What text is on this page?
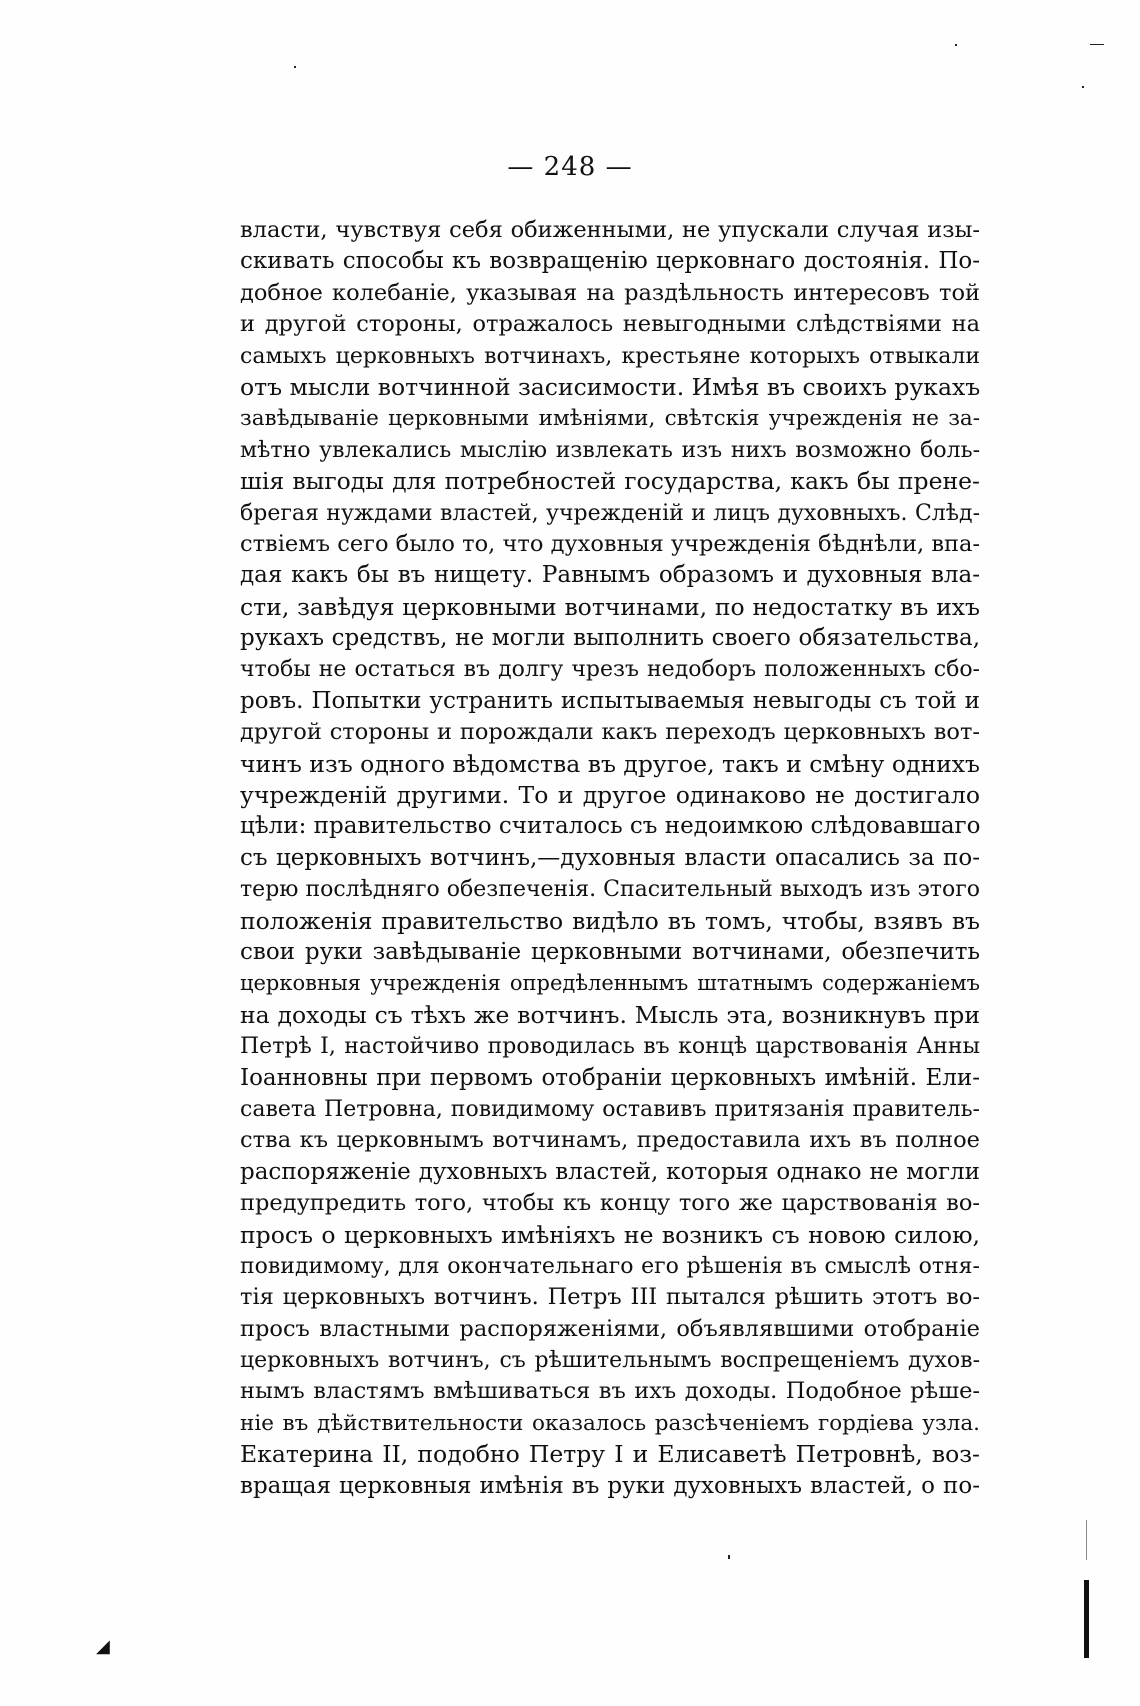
— 248 —
власти, чувствуя себя обиженными, не упускали случая изы-
скивать способы къ возвращенію церковнаго достоянія. По-
добное колебаніе, указывая на раздѣльность интересовъ той
и другой стороны, отражалось невыгодными слѣдствіями на
самыхъ церковныхъ вотчинахъ, крестьяне которыхъ отвыкали
отъ мысли вотчинной засисимости. Имѣя въ своихъ рукахъ
завѣдываніе церковными имѣніями, свѣтскія учрежденія не за-
мѣтно увлекались мыслію извлекать изъ нихъ возможно боль-
шія выгоды для потребностей государства, какъ бы прене-
брегая нуждами властей, учрежденій и лицъ духовныхъ. Слѣд-
ствіемъ сего было то, что духовныя учрежденія бѣднѣли, впа-
дая какъ бы въ нищету. Равнымъ образомъ и духовныя вла-
сти, завѣдуя церковными вотчинами, по недостатку въ ихъ
рукахъ средствъ, не могли выполнить своего обязательства,
чтобы не остаться въ долгу чрезъ недоборъ положенныхъ сбо-
ровъ. Попытки устранить испытываемыя невыгоды съ той и
другой стороны и порождали какъ переходъ церковныхъ вот-
чинъ изъ одного вѣдомства въ другое, такъ и смѣну однихъ
учрежденій другими. То и другое одинаково не достигало
цѣли: правительство считалось съ недоимкою слѣдовавшаго
съ церковныхъ вотчинъ,—духовныя власти опасались за по-
терю послѣдняго обезпеченія. Спасительный выходъ изъ этого
положенія правительство видѣло въ томъ, чтобы, взявъ въ
свои руки завѣдываніе церковными вотчинами, обезпечить
церковныя учрежденія опредѣленнымъ штатнымъ содержаніемъ
на доходы съ тѣхъ же вотчинъ. Мысль эта, возникнувъ при
Петрѣ I, настойчиво проводилась въ концѣ царствованія Анны
Іоанновны при первомъ отобраніи церковныхъ имѣній. Ели-
савета Петровна, повидимому оставивъ притязанія правитель-
ства къ церковнымъ вотчинамъ, предоставила ихъ въ полное
распоряженіе духовныхъ властей, которыя однако не могли
предупредить того, чтобы къ концу того же царствованія во-
просъ о церковныхъ имѣніяхъ не возникъ съ новою силою,
повидимому, для окончательнаго его рѣшенія въ смыслѣ отня-
тія церковныхъ вотчинъ. Петръ III пытался рѣшить этотъ во-
просъ властными распоряженіями, объявлявшими отобраніе
церковныхъ вотчинъ, съ рѣшительнымъ воспрещеніемъ духов-
нымъ властямъ вмѣшиваться въ ихъ доходы. Подобное рѣше-
ніе въ дѣйствительности оказалось разсѣченіемъ гордіева узла.
Екатерина II, подобно Петру I и Елисаветѣ Петровнѣ, воз-
вращая церковныя имѣнія въ руки духовныхъ властей, о по-
◢
